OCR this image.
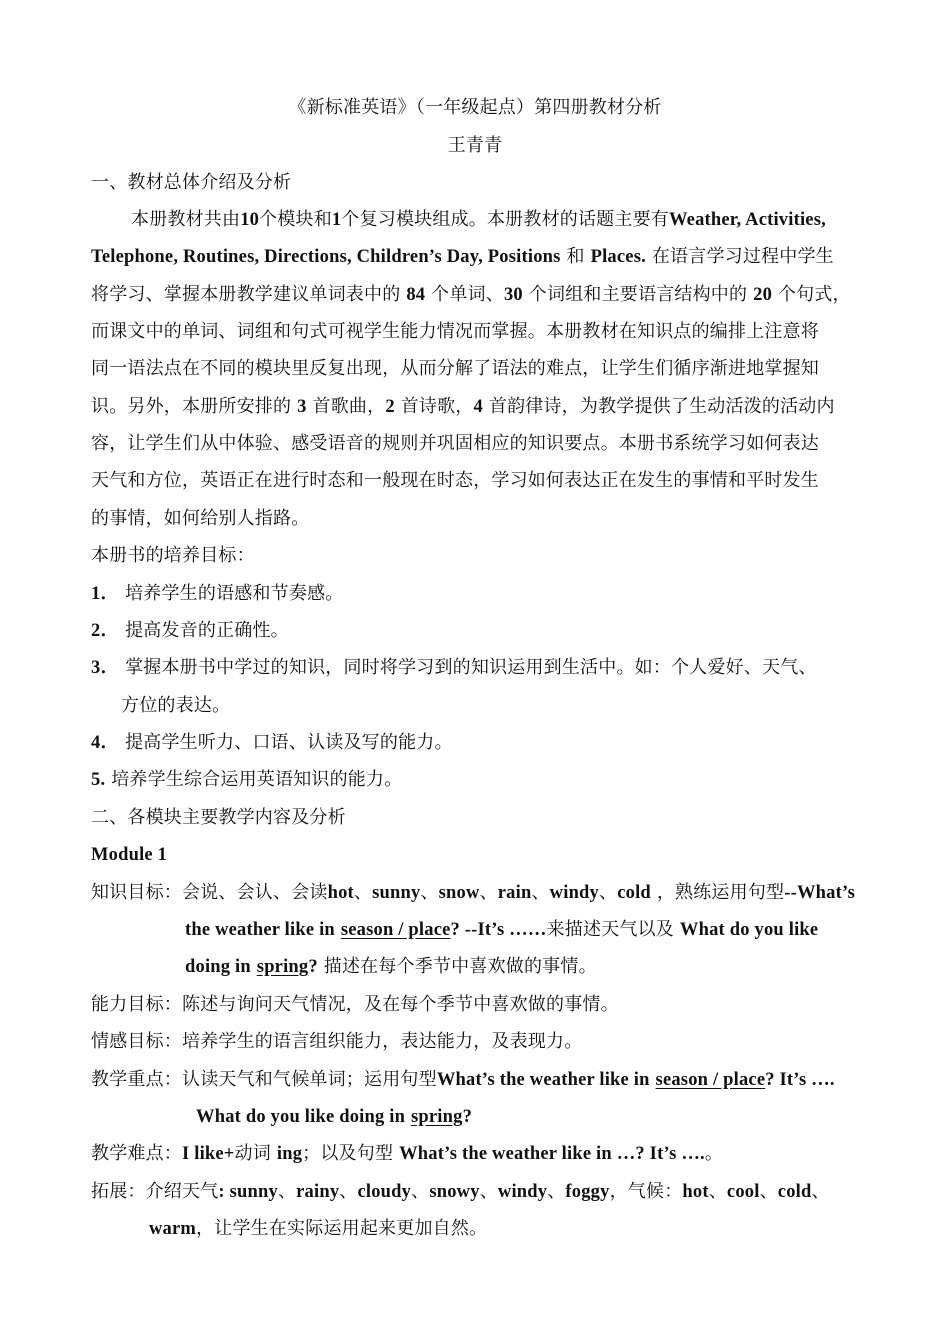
《新标准英语》（一年级起点）第四册教材分析
王青青
一、教材总体介绍及分析
本册教材共由10个模块和1个复习模块组成。本册教材的话题主要有Weather, Activities,
Telephone, Routines, Directions, Children’s Day, Positions 和 Places. 在语言学习过程中学生
将学习、掌握本册教学建议单词表中的 84 个单词、30 个词组和主要语言结构中的 20 个句式，
而课文中的单词、词组和句式可视学生能力情况而掌握。本册教材在知识点的编排上注意将
同一语法点在不同的模块里反复出现，从而分解了语法的难点，让学生们循序渐进地掌握知
识。另外，本册所安排的 3 首歌曲，2 首诗歌，4 首韵律诗，为教学提供了生动活泼的活动内
容，让学生们从中体验、感受语音的规则并巩固相应的知识要点。本册书系统学习如何表达
天气和方位，英语正在进行时态和一般现在时态，学习如何表达正在发生的事情和平时发生
的事情，如何给别人指路。
本册书的培养目标：
1． 培养学生的语感和节奏感。
2． 提高发音的正确性。
3． 掌握本册书中学过的知识，同时将学习到的知识运用到生活中。如：个人爱好、天气、
方位的表达。
4． 提高学生听力、口语、认读及写的能力。
5. 培养学生综合运用英语知识的能力。
二、各模块主要教学内容及分析
Module 1
知识目标：会说、会认、会读hot、sunny、snow、rain、windy、cold ，熟练运用句型--What’s
the weather like in season / place? --It’s ……来描述天气以及 What do you like
doing in spring? 描述在每个季节中喜欢做的事情。
能力目标：陈述与询问天气情况，及在每个季节中喜欢做的事情。
情感目标：培养学生的语言组织能力，表达能力，及表现力。
教学重点：认读天气和气候单词；运用句型What’s the weather like in season / place? It’s ….
What do you like doing in spring?
教学难点：I like+动词 ing；以及句型 What’s the weather like in …? It’s ….。
拓展：介绍天气: sunny、rainy、cloudy、snowy、windy、foggy，气候：hot、cool、cold、
warm，让学生在实际运用起来更加自然。
